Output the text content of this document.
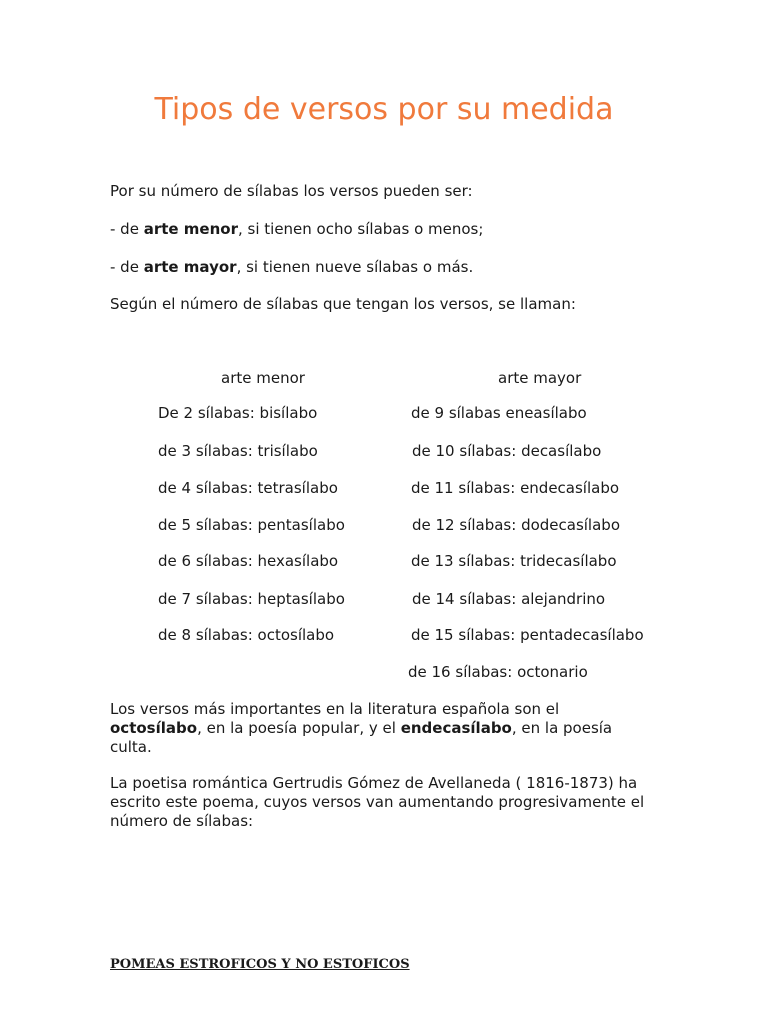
Tipos de versos por su medida

Por su número de sílabas los versos pueden ser:

- de arte menor, si tienen ocho sílabas o menos;

- de arte mayor, si tienen nueve sílabas o más.

Según el número de sílabas que tengan los versos, se llaman:

arte menor	arte mayor

De 2 sílabas: bisílabo

de 3 sílabas: trisílabo

de 4 sílabas: tetrasílabo

de 5 sílabas: pentasílabo

de 6 sílabas: hexasílabo

de 7 sílabas: heptasílabo

de 8 sílabas: octosílabo

de 9 sílabas eneasílabo

de 10 sílabas: decasílabo

de 11 sílabas: endecasílabo

de 12 sílabas: dodecasílabo

de 13 sílabas: tridecasílabo

de 14 sílabas: alejandrino

de 15 sílabas: pentadecasílabo

de 16 sílabas: octonario

Los versos más importantes en la literatura española son el octosílabo, en la poesía popular, y el endecasílabo, en la poesía culta.

La poetisa romántica Gertrudis Gómez de Avellaneda ( 1816-1873) ha escrito este poema, cuyos versos van aumentando progresivamente el número de sílabas:

POMEAS ESTROFICOS Y NO ESTOFICOS
